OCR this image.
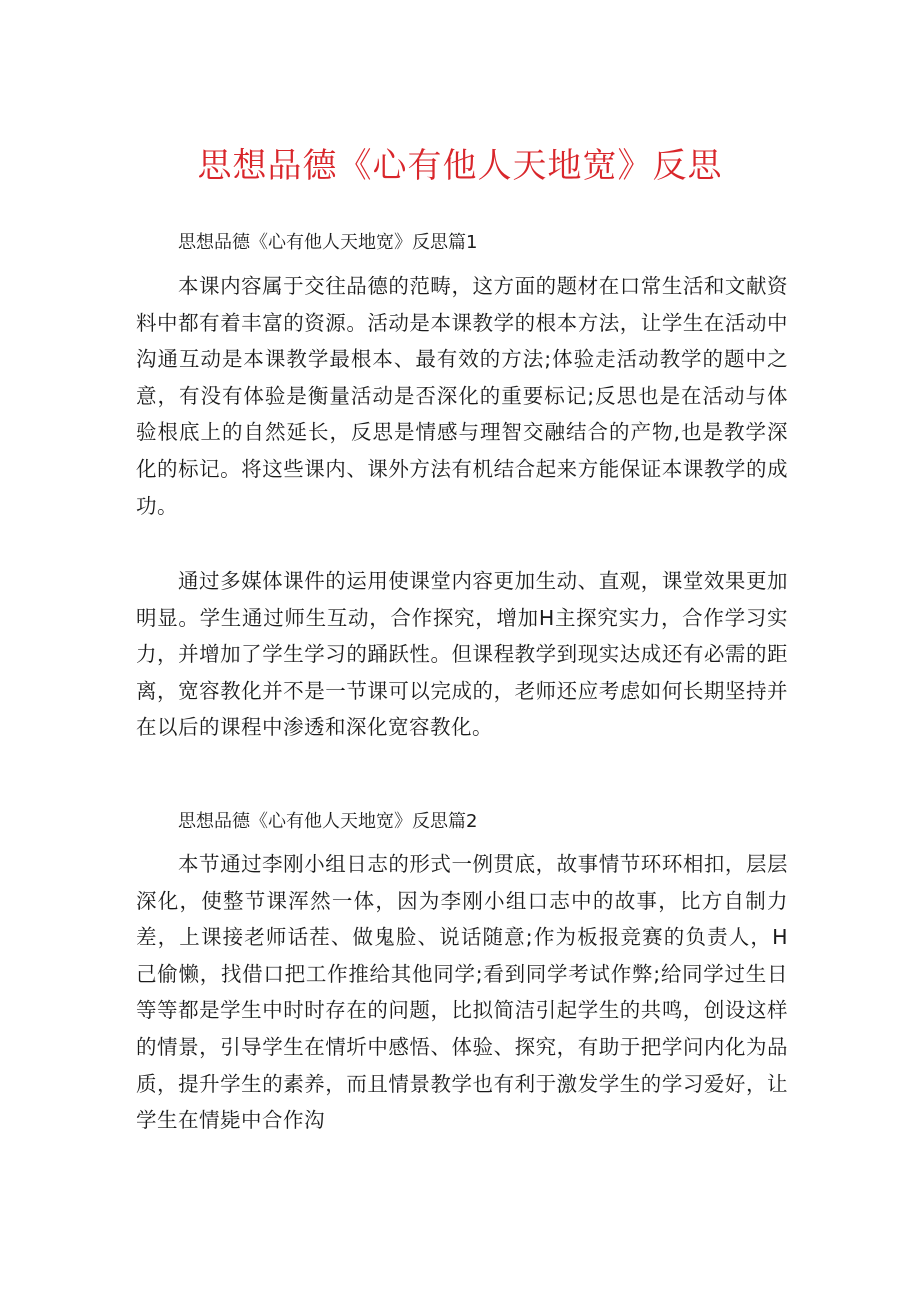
思想品德《心有他人天地宽》反思

思想品德《心有他人天地宽》反思篇1

本课内容属于交往品德的范畴，这方面的题材在口常生活和文献资料中都有着丰富的资源。活动是本课教学的根本方法，让学生在活动中沟通互动是本课教学最根本、最有效的方法;体验走活动教学的题中之意，有没有体验是衡量活动是否深化的重要标记;反思也是在活动与体验根底上的自然延长，反思是情感与理智交融结合的产物,也是教学深化的标记。将这些课内、课外方法有机结合起来方能保证本课教学的成功。

通过多媒体课件的运用使课堂内容更加生动、直观，课堂效果更加明显。学生通过师生互动，合作探究，增加H主探究实力，合作学习实力，并增加了学生学习的踊跃性。但课程教学到现实达成还有必需的距离，宽容教化并不是一节课可以完成的，老师还应考虑如何长期坚持并在以后的课程中渗透和深化宽容教化。

思想品德《心有他人天地宽》反思篇2

本节通过李刚小组日志的形式一例贯底，故事情节环环相扣，层层深化，使整节课浑然一体，因为李刚小组口志中的故事，比方自制力差，上课接老师话茬、做鬼脸、说话随意;作为板报竞赛的负责人，H己偷懒，找借口把工作推给其他同学;看到同学考试作弊;给同学过生日等等都是学生中时时存在的问题，比拟简洁引起学生的共鸣，创设这样的情景，引导学生在情圻中感悟、体验、探究，有助于把学问内化为品质，提升学生的素养，而且情景教学也有利于激发学生的学习爱好，让学生在情毙中合作沟
